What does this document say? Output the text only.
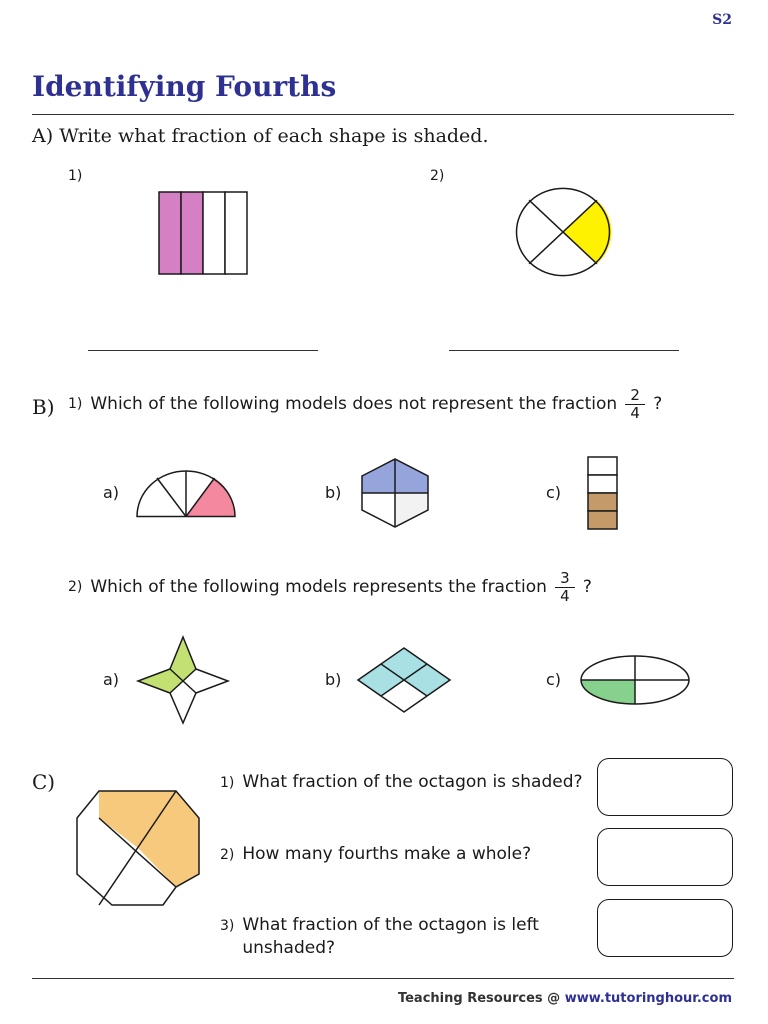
S2
Identifying Fourths
A) Write what fraction of each shape is shaded.
1)	2)
B) 1) Which of the following models does not represent the fraction $\frac{2}{4}$ ?
a)	b)	c)
2) Which of the following models represents the fraction $\frac{3}{4}$ ?
a)	b)	c)
C)	1) What fraction of the octagon is shaded?
2) How many fourths make a whole?
3) What fraction of the octagon is left
unshaded?
Teaching Resources @ www.tutoringhour.com
